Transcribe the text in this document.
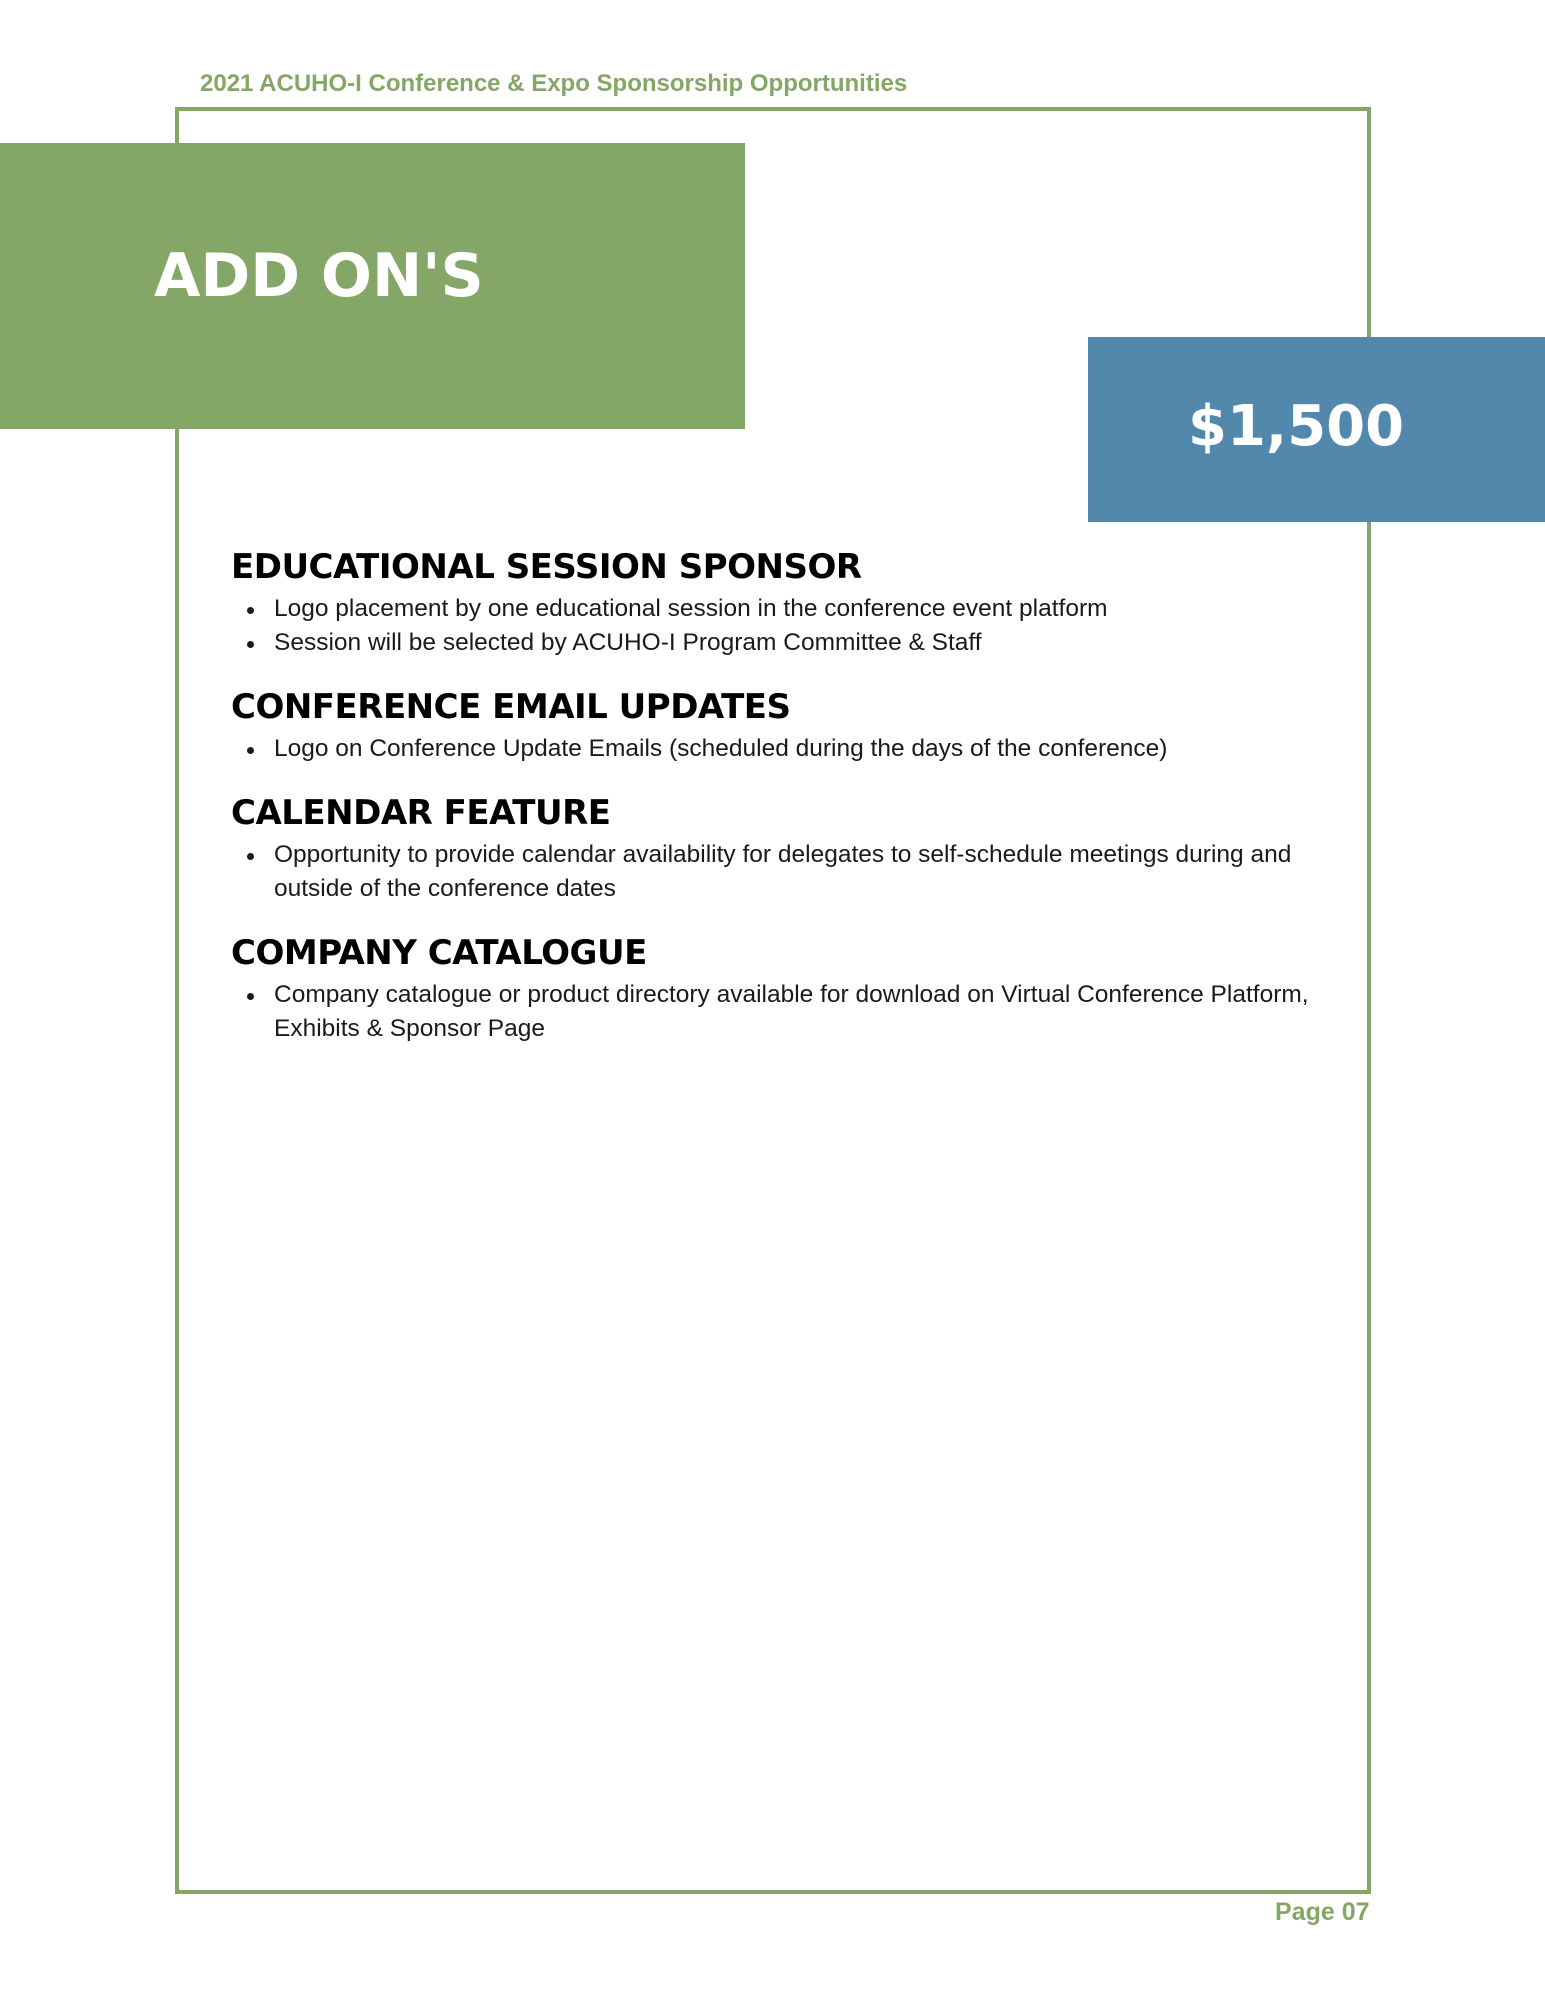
2021 ACUHO-I Conference & Expo Sponsorship Opportunities

ADD ON'S

$1,500

EDUCATIONAL SESSION SPONSOR
Logo placement by one educational session in the conference event platform
Session will be selected by ACUHO-I Program Committee & Staff
CONFERENCE EMAIL UPDATES
Logo on Conference Update Emails (scheduled during the days of the conference)
CALENDAR FEATURE
Opportunity to provide calendar availability for delegates to self-schedule meetings during and outside of the conference dates
COMPANY CATALOGUE
Company catalogue or product directory available for download on Virtual Conference Platform, Exhibits & Sponsor Page

Page 07
